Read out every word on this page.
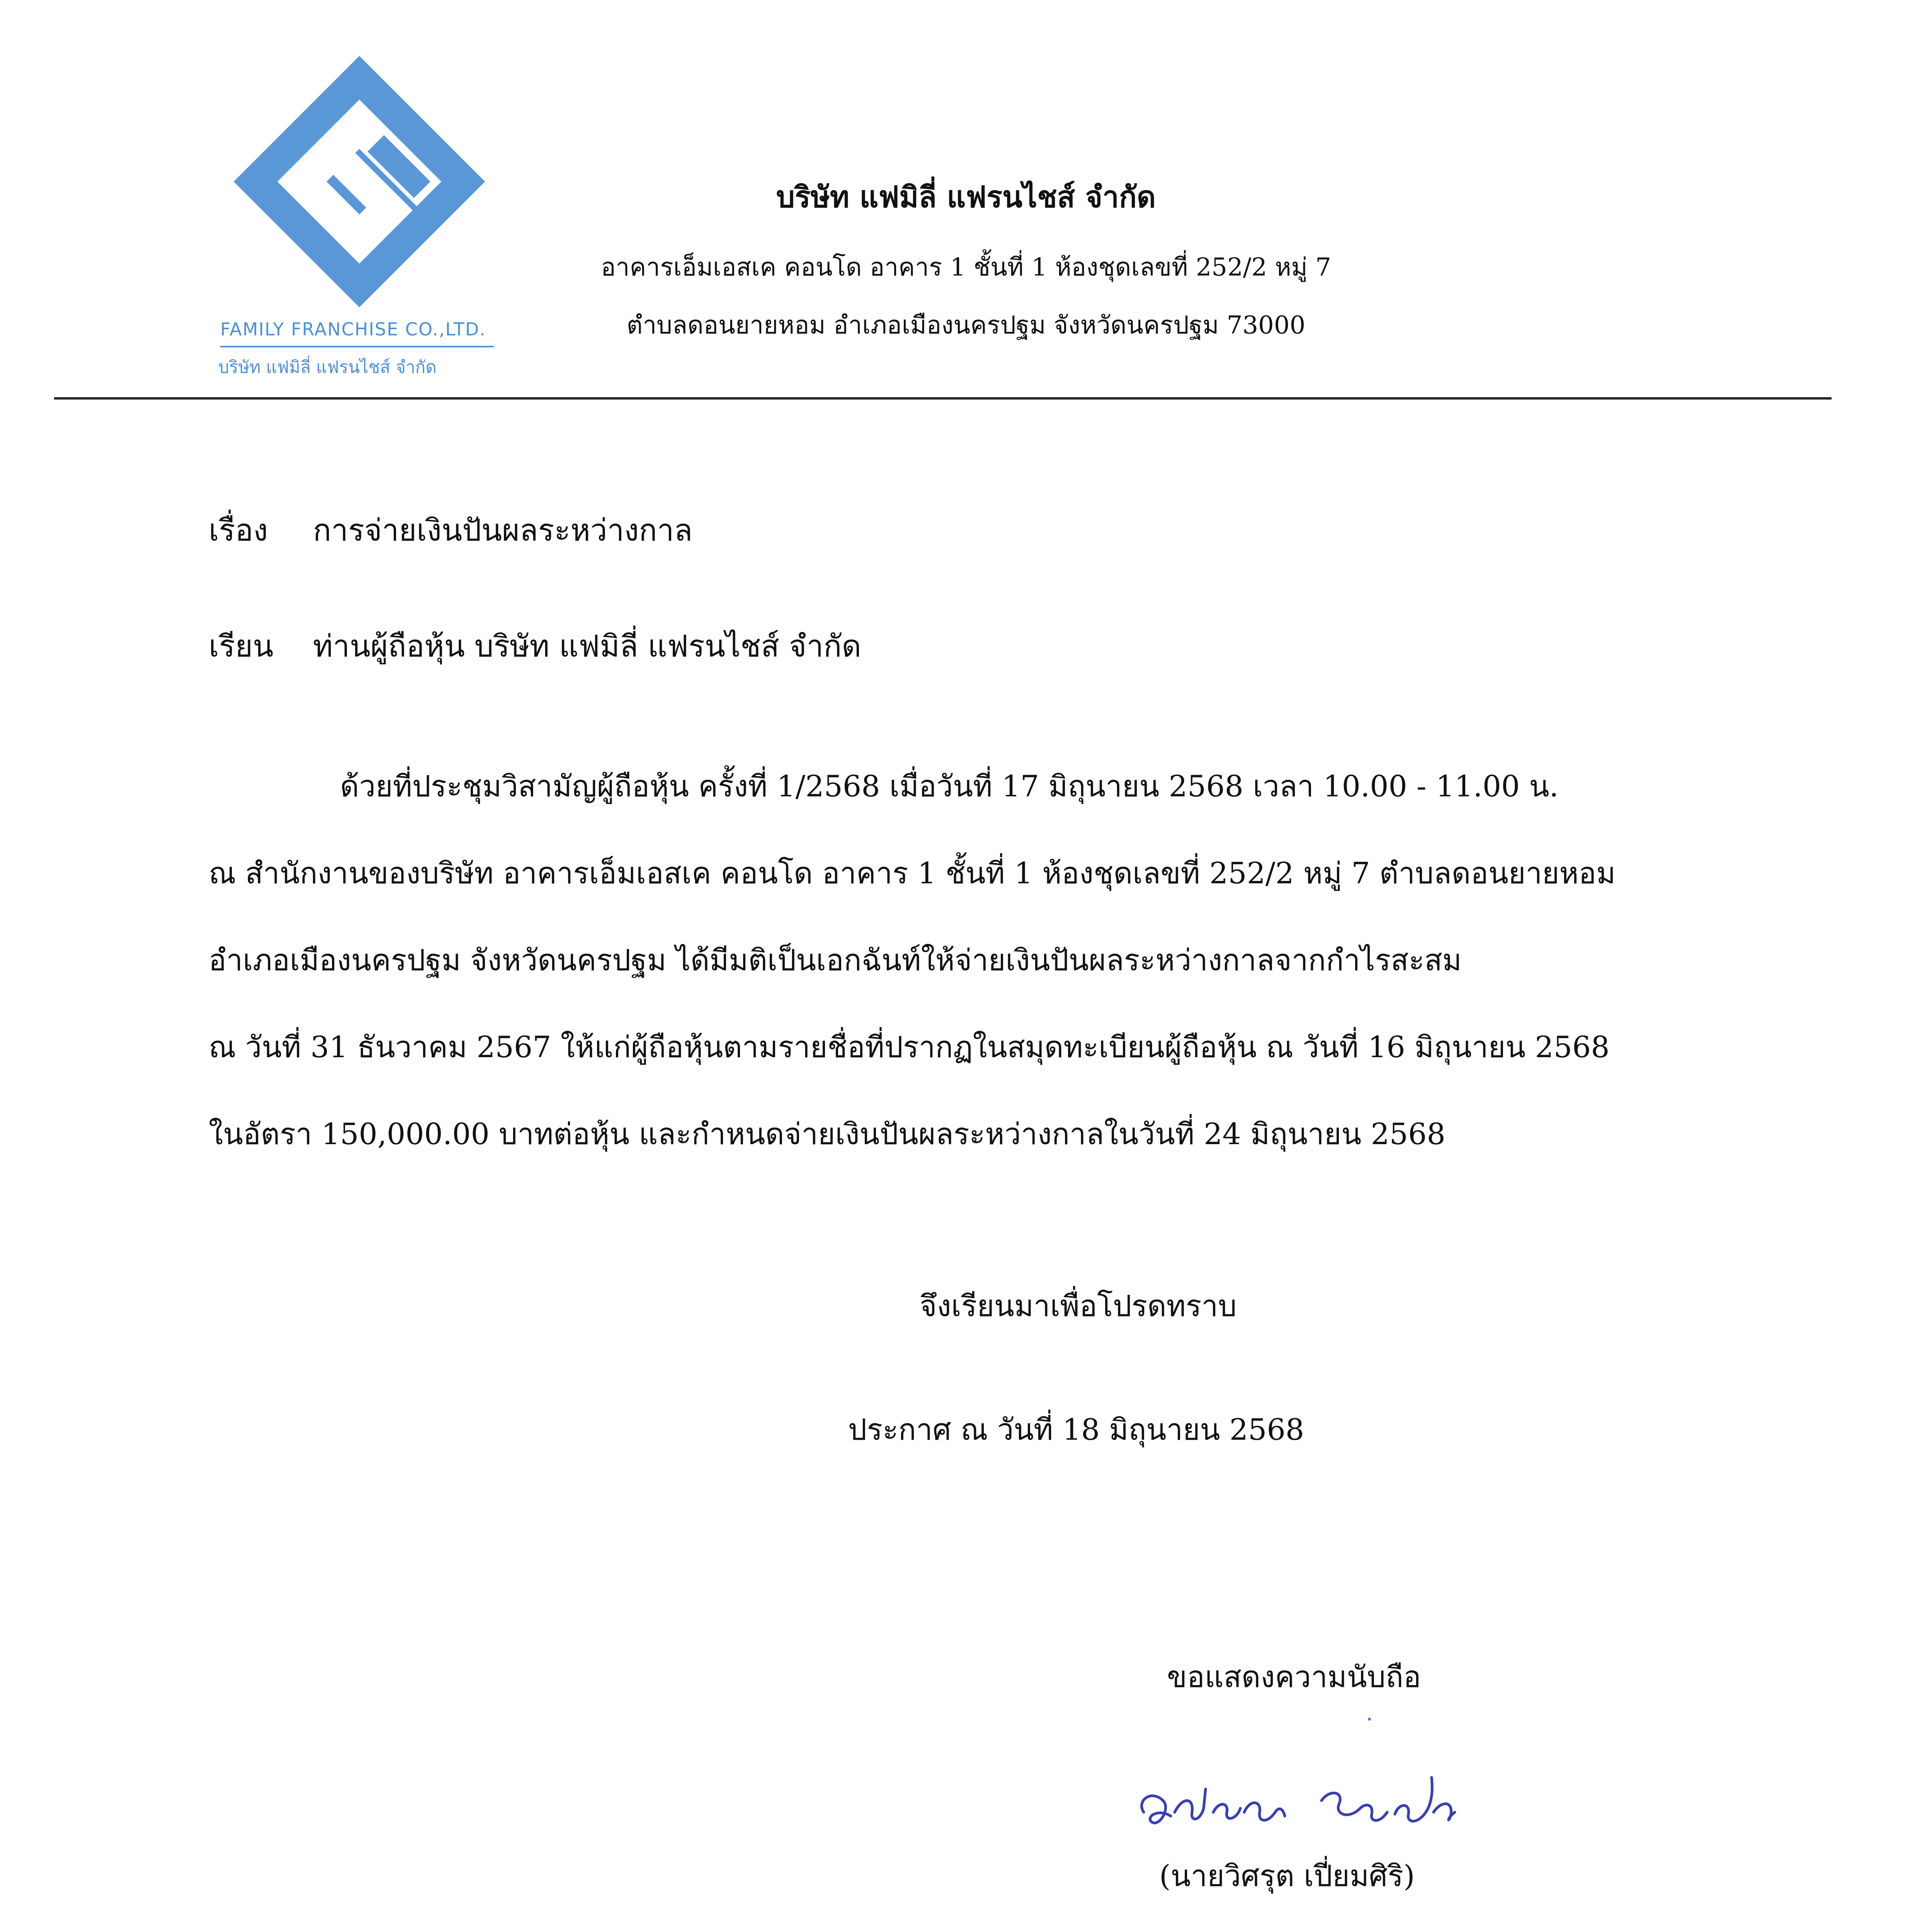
FAMILY FRANCHISE CO.,LTD.
บริษัท แฟมิลี่ แฟรนไชส์ จำกัด
บริษัท แฟมิลี่ แฟรนไชส์ จำกัด
อาคารเอ็มเอสเค คอนโด อาคาร 1 ชั้นที่ 1 ห้องชุดเลขที่ 252/2 หมู่ 7
ตำบลดอนยายหอม อำเภอเมืองนครปฐม จังหวัดนครปฐม 73000
เรื่อง การจ่ายเงินปันผลระหว่างกาล
เรียน ท่านผู้ถือหุ้น บริษัท แฟมิลี่ แฟรนไชส์ จำกัด
ด้วยที่ประชุมวิสามัญผู้ถือหุ้น ครั้งที่ 1/2568 เมื่อวันที่ 17 มิถุนายน 2568 เวลา 10.00 - 11.00 น.
ณ สำนักงานของบริษัท อาคารเอ็มเอสเค คอนโด อาคาร 1 ชั้นที่ 1 ห้องชุดเลขที่ 252/2 หมู่ 7 ตำบลดอนยายหอม
อำเภอเมืองนครปฐม จังหวัดนครปฐม ได้มีมติเป็นเอกฉันท์ให้จ่ายเงินปันผลระหว่างกาลจากกำไรสะสม
ณ วันที่ 31 ธันวาคม 2567 ให้แก่ผู้ถือหุ้นตามรายชื่อที่ปรากฏในสมุดทะเบียนผู้ถือหุ้น ณ วันที่ 16 มิถุนายน 2568
ในอัตรา 150,000.00 บาทต่อหุ้น และกำหนดจ่ายเงินปันผลระหว่างกาลในวันที่ 24 มิถุนายน 2568
จึงเรียนมาเพื่อโปรดทราบ
ประกาศ ณ วันที่ 18 มิถุนายน 2568
ขอแสดงความนับถือ
(นายวิศรุต เปี่ยมศิริ)
